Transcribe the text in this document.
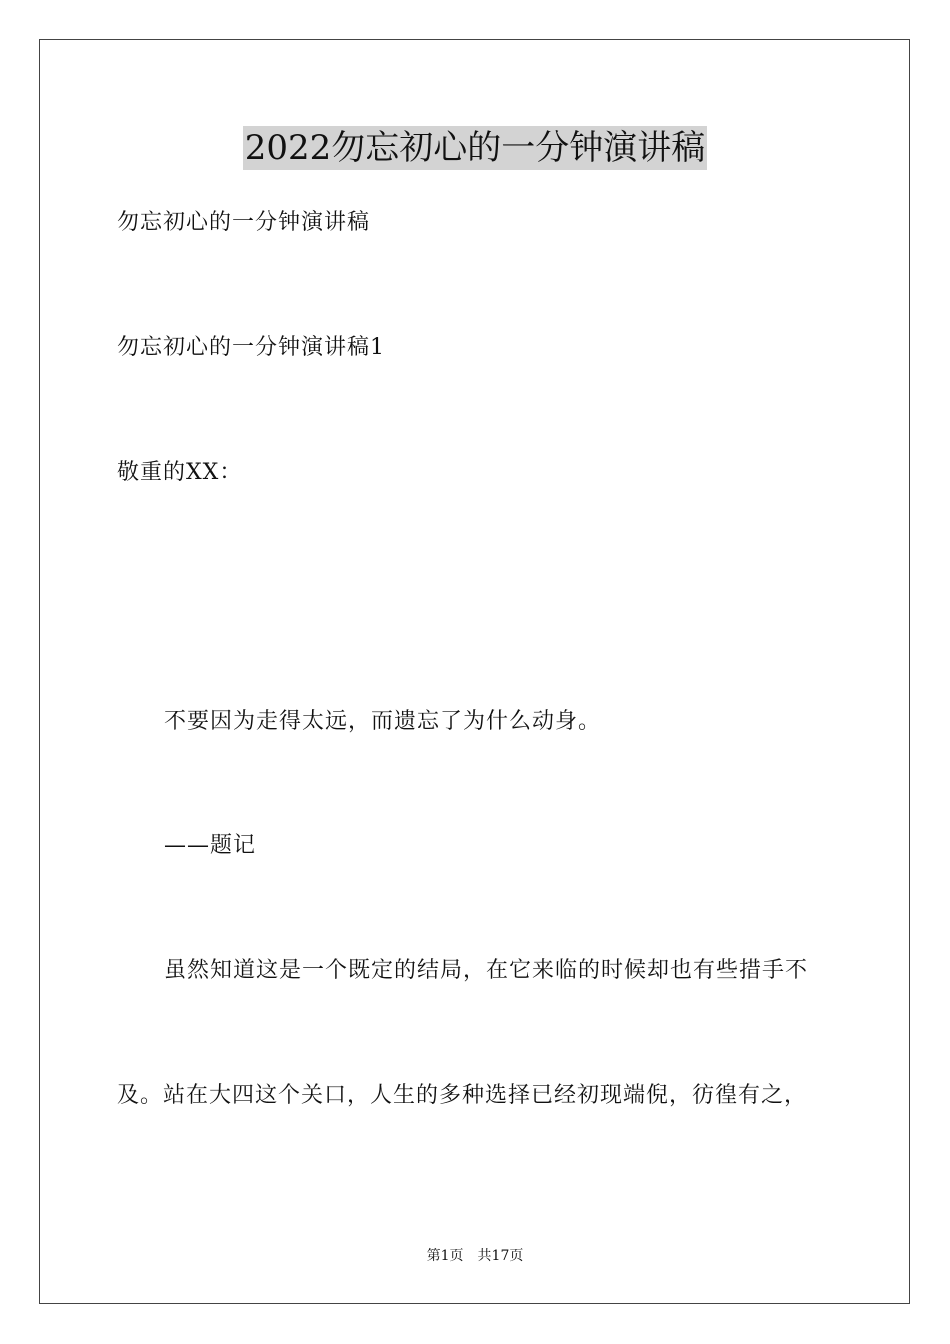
2022勿忘初心的一分钟演讲稿
勿忘初心的一分钟演讲稿
勿忘初心的一分钟演讲稿1
敬重的XX：
不要因为走得太远，而遗忘了为什么动身。
——题记
虽然知道这是一个既定的结局，在它来临的时候却也有些措手不
及。站在大四这个关口，人生的多种选择已经初现端倪，彷徨有之，
第1页 共17页
